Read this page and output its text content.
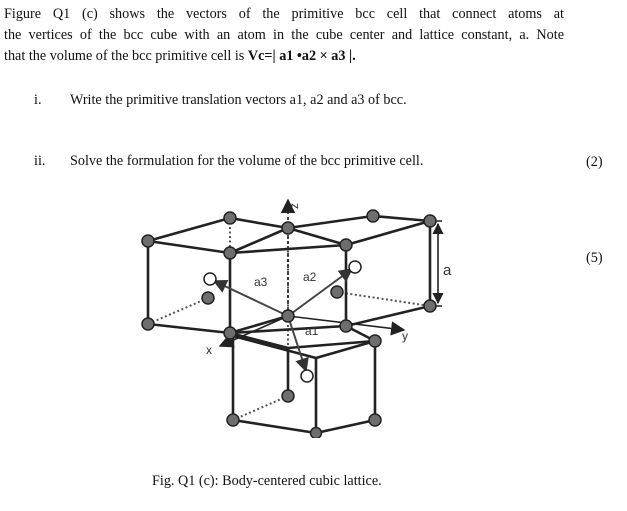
Figure Q1 (c) shows the vectors of the primitive bcc cell that connect atoms at
the vertices of the bcc cube with an atom in the cube center and lattice constant, a. Note
that the volume of the bcc primitive cell is Vc=| a1 •a2 × a3 |.
i. Write the primitive translation vectors a1, a2 and a3 of bcc.
ii. Solve the formulation for the volume of the bcc primitive cell.	(2)
(5)
z
x
y
a3	a2
a1
a
Fig. Q1 (c): Body-centered cubic lattice.
